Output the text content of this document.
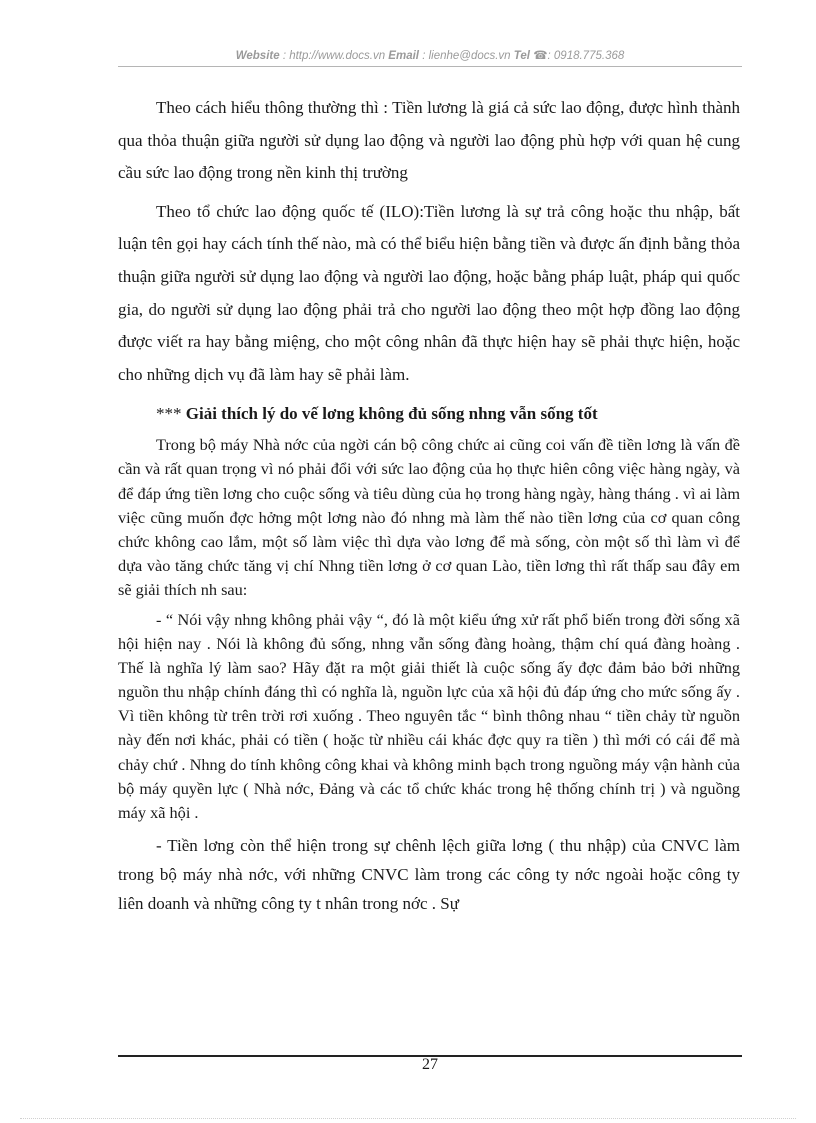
Website : http://www.docs.vn Email : lienhe@docs.vn Tel ☎: 0918.775.368

Theo cách hiểu thông thường thì : Tiền lương là giá cả sức lao động, được hình thành qua thỏa thuận giữa người sử dụng lao động và người lao động phù hợp với quan hệ cung cầu sức lao động trong nền kinh thị trường

Theo tổ chức lao động quốc tế (ILO):Tiền lương là sự trả công hoặc thu nhập, bất luận tên gọi hay cách tính thế nào, mà có thể biểu hiện bằng tiền và được ấn định bằng thỏa thuận giữa người sử dụng lao động và người lao động, hoặc bằng pháp luật, pháp qui quốc gia, do người sử dụng lao động phải trả cho người lao động theo một hợp đồng lao động được viết ra hay bằng miệng, cho một công nhân đã thực hiện hay sẽ phải thực hiện, hoặc cho những dịch vụ đã làm hay sẽ phải làm.

*** Giải thích lý do vế lơng không đủ sống nhng vẫn sống tốt

Trong bộ máy Nhà nớc của ngời cán bộ công chức ai cũng coi vấn đề tiền lơng là vấn đề cần và rất quan trọng vì nó phải đổi với sức lao động của họ thực hiên công việc hàng ngày, và để đáp ứng tiền lơng cho cuộc sống và tiêu dùng của họ trong hàng ngày, hàng tháng . vì ai làm việc cũng muốn đợc hởng một lơng nào đó nhng mà làm thế nào tiền lơng của cơ quan công chức không cao lắm, một số làm việc thì dựa vào lơng để mà sống, còn một số thì làm vì để dựa vào tăng chức tăng vị chí Nhng tiền lơng ở cơ quan Lào, tiền lơng thì rất thấp sau đây em sẽ giải thích nh sau:

- “ Nói vậy nhng không phải vậy “, đó là một kiểu ứng xử rất phổ biến trong đời sống xã hội hiện nay . Nói là không đủ sống, nhng vẫn sống đàng hoàng, thậm chí quá đàng hoàng . Thế là nghĩa lý làm sao? Hãy đặt ra một giải thiết là cuộc sống ấy đợc đảm bảo bởi những nguồn thu nhập chính đáng thì có nghĩa là, nguồn lực của xã hội đủ đáp ứng cho mức sống ấy . Vì tiền không từ trên trời rơi xuống . Theo nguyên tắc “ bình thông nhau “ tiền chảy từ nguồn này đến nơi khác, phải có tiền ( hoặc từ nhiều cái khác đợc quy ra tiền ) thì mới có cái để mà chảy chứ . Nhng do tính không công khai và không minh bạch trong nguồng máy vận hành của bộ máy quyền lực ( Nhà nớc, Đảng và các tổ chức khác trong hệ thống chính trị ) và nguồng máy xã hội .

- Tiền lơng còn thể hiện trong sự chênh lệch giữa lơng ( thu nhập) của CNVC làm trong bộ máy nhà nớc, với những CNVC làm trong các công ty nớc ngoài hoặc công ty liên doanh và những công ty t nhân trong nớc . Sự

27
